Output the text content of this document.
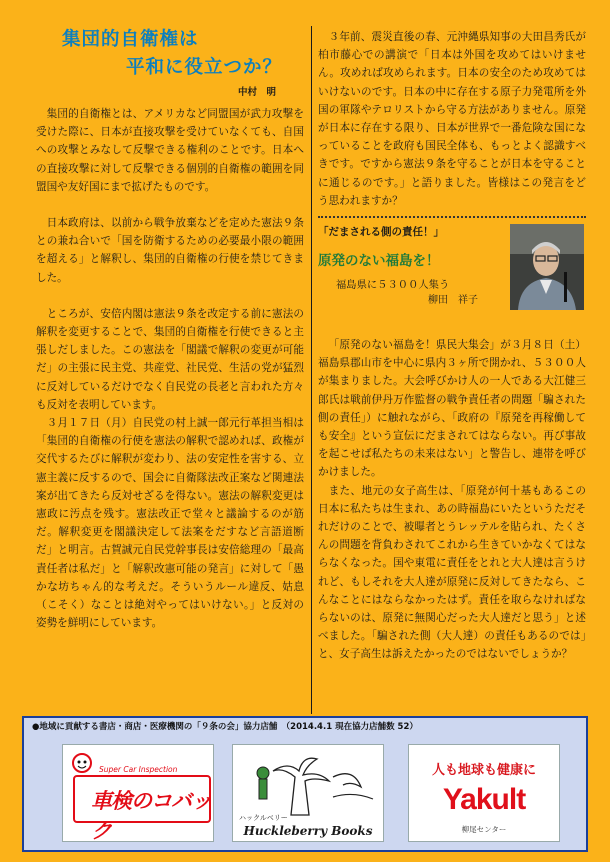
集団的自衛権は
平和に役立つか？
中村　明

集団的自衛権とは、アメリカなど同盟国が武力攻撃を受けた際に、日本が直接攻撃を受けていなくても、自国への攻撃とみなして反撃できる権利のことです。日本への直接攻撃に対して反撃できる個別的自衛権の範囲を同盟国や友好国にまで拡げたものです。

日本政府は、以前から戦争放棄などを定めた憲法９条との兼ね合いで「国を防衛するための必要最小限の範囲を超える」と解釈し、集団的自衛権の行使を禁じてきました。

ところが、安倍内閣は憲法９条を改定する前に憲法の解釈を変更することで、集団的自衛権を行使できると主張しだしました。この憲法を「閣議で解釈の変更が可能だ」の主張に民主党、共産党、社民党、生活の党が猛烈に反対しているだけでなく自民党の長老と言われた方々も反対を表明しています。

３月１７日（月）自民党の村上誠一郎元行革担当相は「集団的自衛権の行使を憲法の解釈で認めれば、政権が交代するたびに解釈が変わり、法の安定性を害する、立憲主義に反するので、国会に自衛隊法改正案など関連法案が出てきたら反対せざるを得ない。憲法の解釈変更は憲政に汚点を残す。憲法改正で堂々と議論するのが筋だ。解釈変更を閣議決定して法案をだすなど言語道断だ」と明言。古賀誠元自民党幹事長は安倍総理の「最高責任者は私だ」と「解釈改憲可能の発言」に対して「愚かな坊ちゃん的な考えだ。そういうルール違反、姑息（こそく）なことは絶対やってはいけない。」と反対の姿勢を鮮明にしています。

３年前、震災直後の春、元沖縄県知事の大田昌秀氏が柏市藤心での講演で「日本は外国を攻めてはいけません。攻めれば攻められます。日本の安全のため攻めてはいけないのです。日本の中に存在する原子力発電所を外国の軍隊やテロリストから守る方法がありません。原発が日本に存在する限り、日本が世界で一番危険な国になっていることを政府も国民全体も、もっとよく認識すべきです。ですから憲法９条を守ることが日本を守ることに通じるのです。」と語りました。皆様はこの発言をどう思われますか？

「だまされる側の責任！」
原発のない福島を！
福島県に５３００人集う
柳田　祥子

「原発のない福島を！県民大集会」が３月８日（土）福島県郡山市を中心に県内３ヶ所で開かれ、５３００人が集まりました。大会呼びかけ人の一人である大江健三郎氏は戦前伊丹万作監督の戦争責任者の問題「騙された側の責任」）に触れながら、「政府の『原発を再稼働しても安全』という宣伝にだまされてはならない。再び事故を起こせば私たちの未来はない」と警告し、連帯を呼びかけました。

また、地元の女子高生は、「原発が何十基もあるこの日本に私たちは生まれ、あの時福島にいたというただそれだけのことで、被曝者とうレッテルを貼られ、たくさんの問題を背負わされてこれから生きていかなくてはならなくなった。国や東電に責任をとれと大人達は言うけれど、もしそれを大人達が原発に反対してきたなら、こんなことにはならなかったはず。責任を取らなければならないのは、原発に無関心だった大人達だと思う」と述べました。「騙された側（大人達）の責任もあるのでは」と、女子高生は訴えたかったのではないでしょうか？

●地域に貢献する書店・商店・医療機関の「９条の会」協力店舗　（2014.4.1 現在協力店舗数 52）
Super Car Inspection
車検のコバック
ハックルベリー
Huckleberry Books
人も地球も健康に
Yakult
柳尾センター
